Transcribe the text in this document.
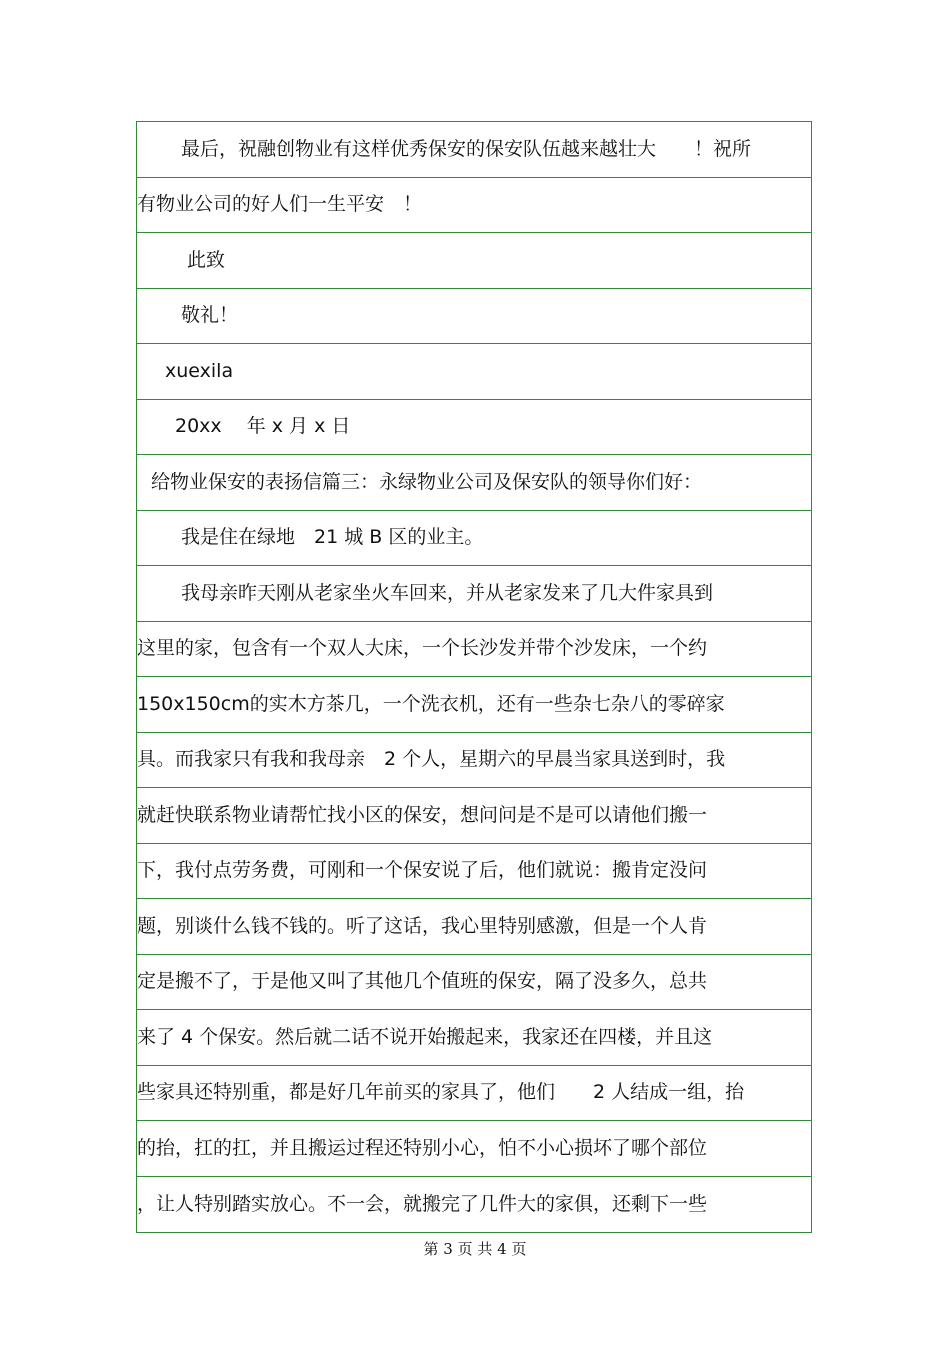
最后，祝融创物业有这样优秀保安的保安队伍越来越壮大　　！祝所
有物业公司的好人们一生平安　！
此致
敬礼！
xuexila
20xx　 年 x 月 x 日
给物业保安的表扬信篇三：永绿物业公司及保安队的领导你们好：
我是住在绿地　21 城 B 区的业主。
我母亲昨天刚从老家坐火车回来，并从老家发来了几大件家具到
这里的家，包含有一个双人大床，一个长沙发并带个沙发床，一个约
150x150cm的实木方茶几，一个洗衣机，还有一些杂七杂八的零碎家
具。而我家只有我和我母亲　2 个人，星期六的早晨当家具送到时，我
就赶快联系物业请帮忙找小区的保安，想问问是不是可以请他们搬一
下，我付点劳务费，可刚和一个保安说了后，他们就说：搬肯定没问
题，别谈什么钱不钱的。听了这话，我心里特别感激，但是一个人肯
定是搬不了，于是他又叫了其他几个值班的保安，隔了没多久，总共
来了 4 个保安。然后就二话不说开始搬起来，我家还在四楼，并且这
些家具还特别重，都是好几年前买的家具了，他们　　2 人结成一组，抬
的抬，扛的扛，并且搬运过程还特别小心，怕不小心损坏了哪个部位
，让人特别踏实放心。不一会，就搬完了几件大的家俱，还剩下一些
第 3 页 共 4 页
